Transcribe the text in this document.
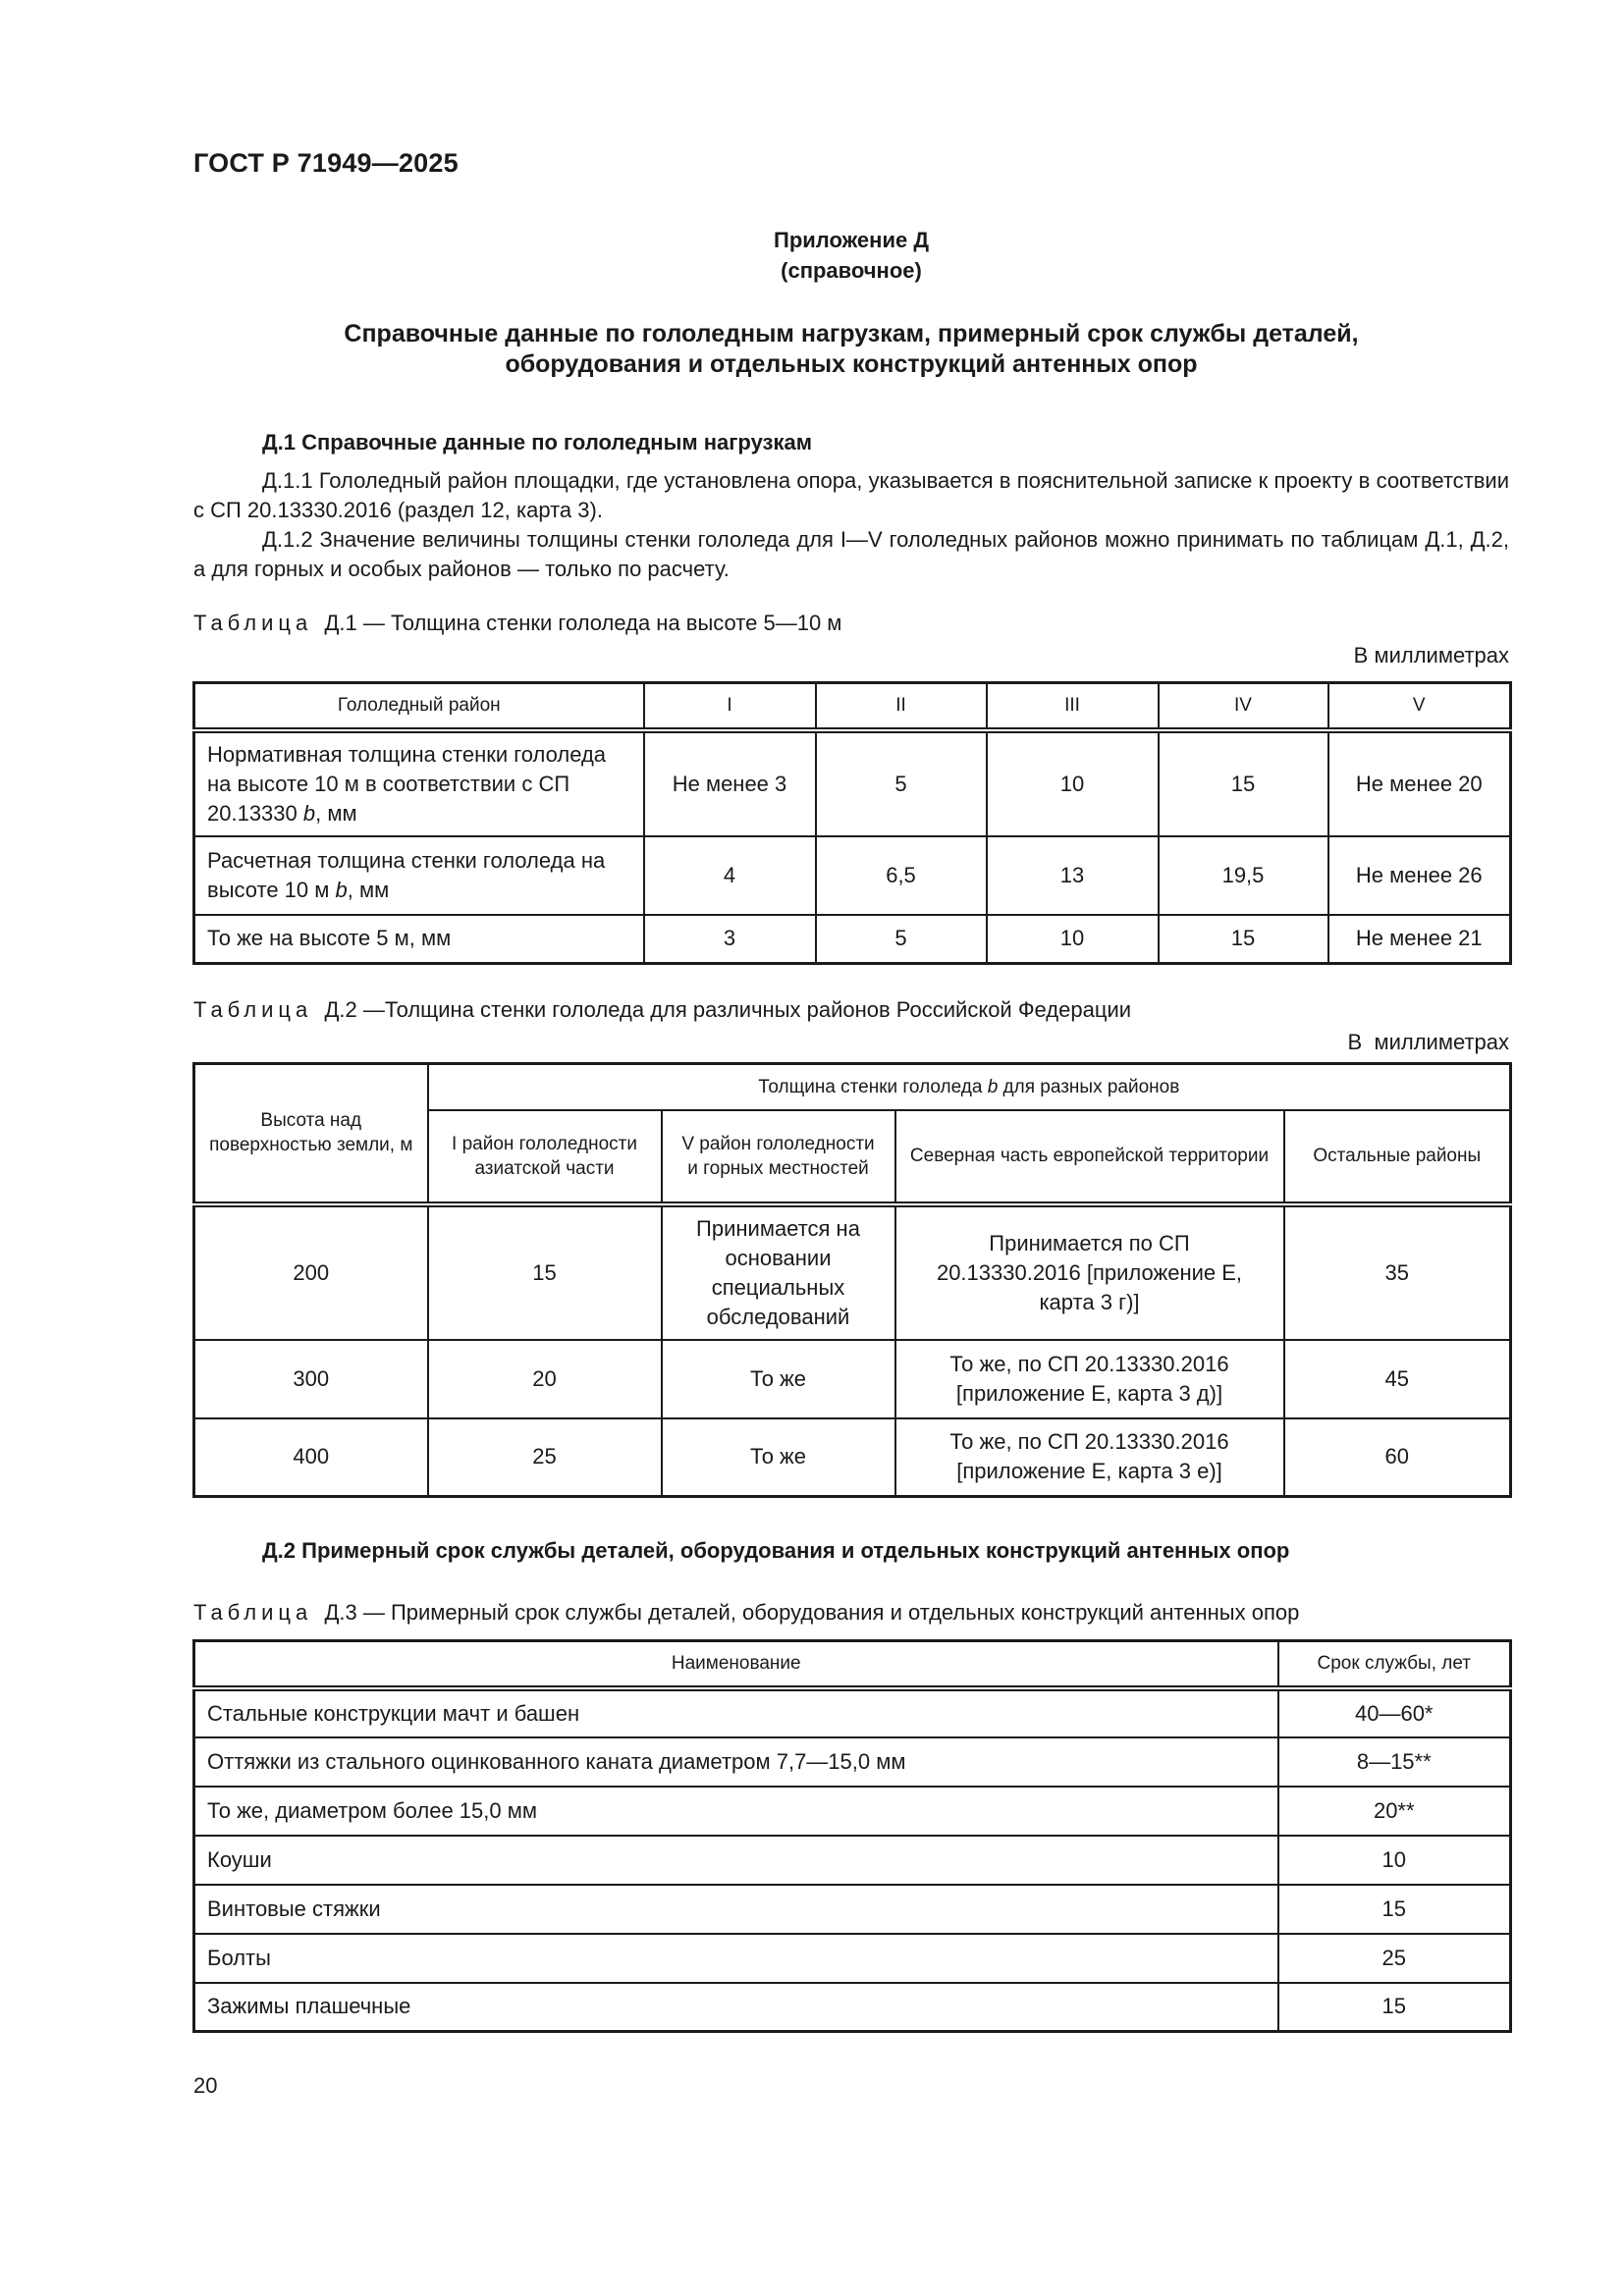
ГОСТ Р 71949—2025
Приложение Д
(справочное)
Справочные данные по гололедным нагрузкам, примерный срок службы деталей,
оборудования и отдельных конструкций антенных опор
Д.1 Справочные данные по гололедным нагрузкам

Д.1.1 Гололедный район площадки, где установлена опора, указывается в пояснительной записке к проекту в соответствии с СП 20.13330.2016 (раздел 12, карта 3).

Д.1.2 Значение величины толщины стенки гололеда для I—V гололедных районов можно принимать по таблицам Д.1, Д.2, а для горных и особых районов — только по расчету.

Таблица Д.1 — Толщина стенки гололеда на высоте 5—10 м
В миллиметрах
Гололедный район	I	II	III	IV	V
Нормативная толщина стенки гололеда на высоте 10 м в соответствии с СП 20.13330 b, мм	Не менее 3	5	10	15	Не менее 20
Расчетная толщина стенки гололеда на высоте 10 м b, мм	4	6,5	13	19,5	Не менее 26
То же на высоте 5 м, мм	3	5	10	15	Не менее 21
Таблица Д.2 —Толщина стенки гололеда для различных районов Российской Федерации
В  миллиметрах
Высота над поверхностью земли, м	Толщина стенки гололеда b для разных районов			
	I район гололедности азиатской части	V район гололедности и горных местностей	Северная часть европейской территории	Остальные районы
200	15	Принимается на основании специальных обследований	Принимается по СП 20.13330.2016 [приложение Е, карта 3 г)]	35
300	20	То же	То же, по СП 20.13330.2016 [приложение Е, карта 3 д)]	45
400	25	То же	То же, по СП 20.13330.2016 [приложение Е, карта 3 е)]	60
Д.2 Примерный срок службы деталей, оборудования и отдельных конструкций антенных опор
Таблица Д.3 — Примерный срок службы деталей, оборудования и отдельных конструкций антенных опор
Наименование	Срок службы, лет
Стальные конструкции мачт и башен	40—60*
Оттяжки из стального оцинкованного каната диаметром 7,7—15,0 мм	8—15**
То же, диаметром более 15,0 мм	20**
Коуши	10
Винтовые стяжки	15
Болты	25
Зажимы плашечные	15
20
